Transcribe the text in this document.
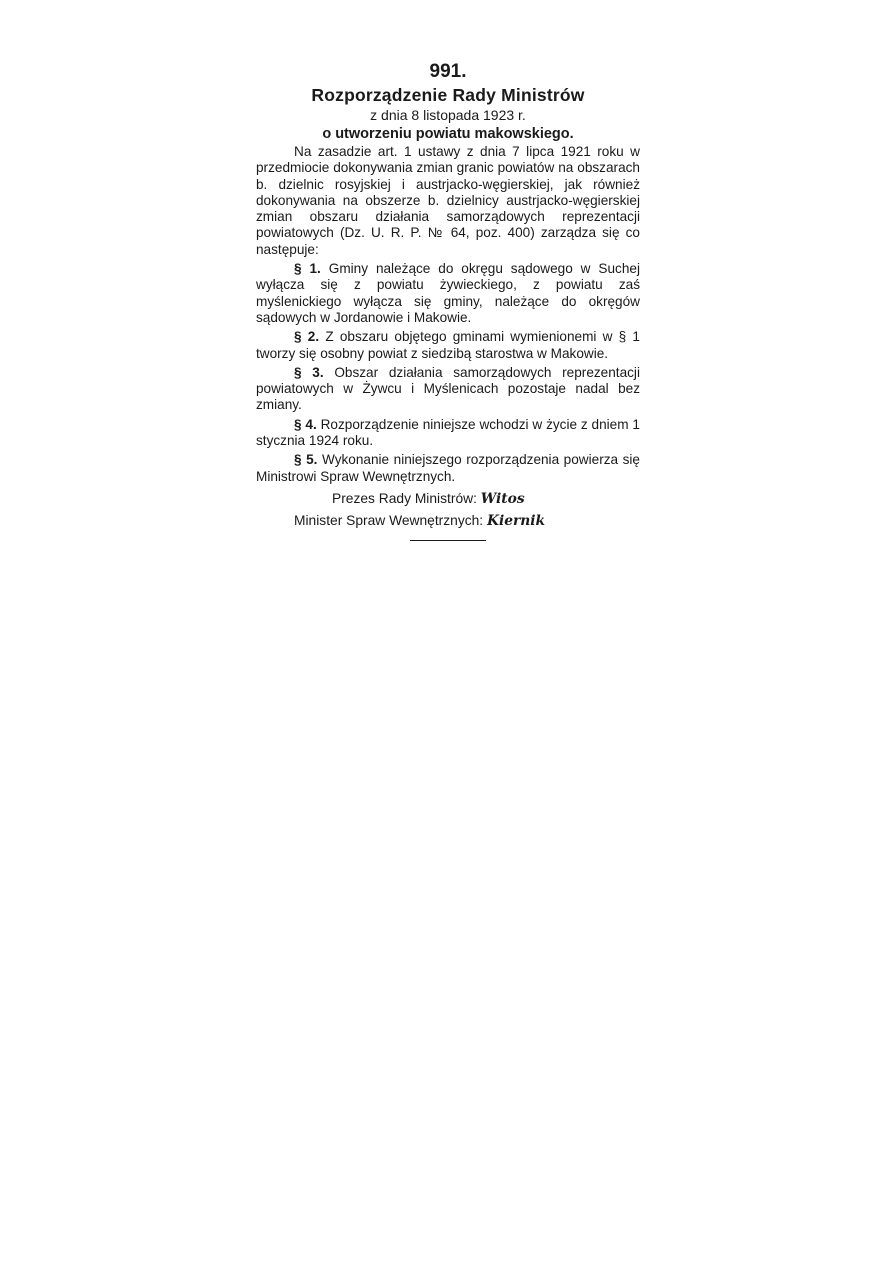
991.

Rozporządzenie Rady Ministrów

z dnia 8 listopada 1923 r.

o utworzeniu powiatu makowskiego.

Na zasadzie art. 1 ustawy z dnia 7 lipca 1921 roku w przedmiocie dokonywania zmian granic powiatów na obszarach b. dzielnic rosyjskiej i austrjacko-węgierskiej, jak również dokonywania na obszerze b. dzielnicy austrjacko-węgierskiej zmian obszaru działania samorządowych reprezentacji powiatowych (Dz. U. R. P. № 64, poz. 400) zarządza się co następuje:

§ 1. Gminy należące do okręgu sądowego w Suchej wyłącza się z powiatu żywieckiego, z powiatu zaś myślenickiego wyłącza się gminy, należące do okręgów sądowych w Jordanowie i Makowie.

§ 2. Z obszaru objętego gminami wymienionemi w § 1 tworzy się osobny powiat z siedzibą starostwa w Makowie.

§ 3. Obszar działania samorządowych reprezentacji powiatowych w Żywcu i Myślenicach pozostaje nadal bez zmiany.

§ 4. Rozporządzenie niniejsze wchodzi w życie z dniem 1 stycznia 1924 roku.

§ 5. Wykonanie niniejszego rozporządzenia powierza się Ministrowi Spraw Wewnętrznych.

Prezes Rady Ministrów: Witos
Minister Spraw Wewnętrznych: Kiernik
